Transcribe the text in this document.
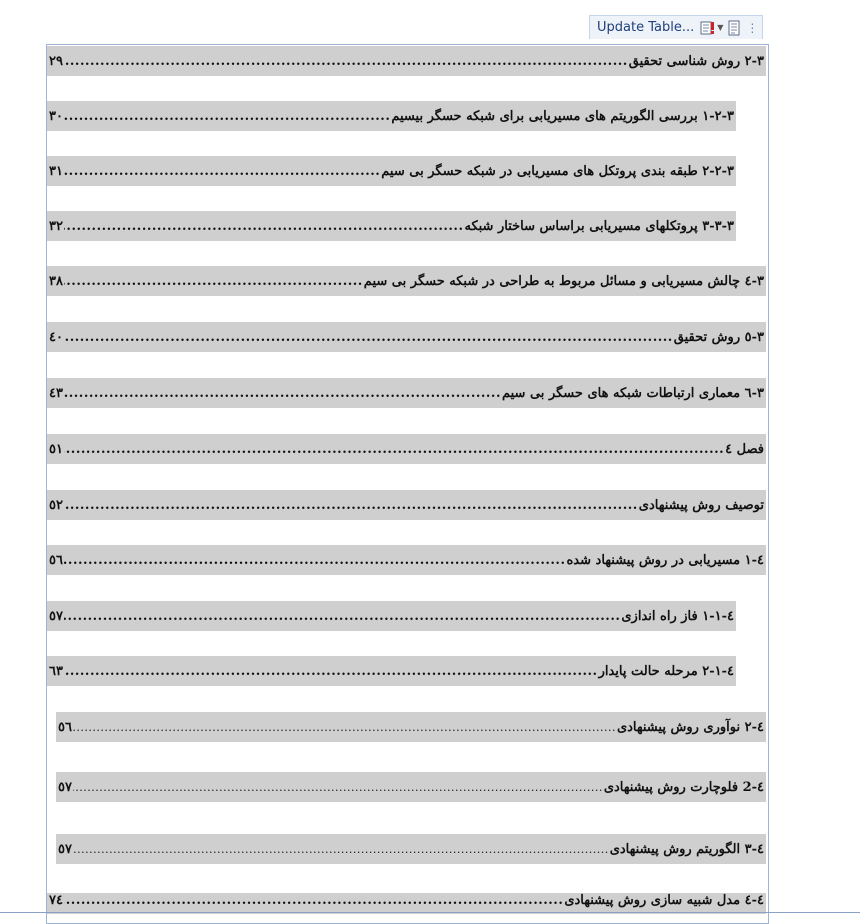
Update Table...	▼ ⋮
٣-٢ روش شناسی تحقیق
.....
٢٩
٣-٢-١ بررسی الگوریتم های مسیریابی برای شبکه حسگر بیسیم
.....
٣٠
٣-٢-٢ طبقه بندی پروتکل های مسیریابی در شبکه حسگر بی سیم
.....
٣١
٣-٣-٣ پروتکلهای مسیریابی براساس ساختار شبکه
.....
٣٢
٣-٤ چالش مسیریابی و مسائل مربوط به طراحی در شبکه حسگر بی سیم
.....
٣٨
٣-٥ روش تحقیق
.....
٤٠
٣-٦ معماری ارتباطات شبکه های حسگر بی سیم
.....
٤٣
فصل ٤
.....
٥١
توصیف روش پیشنهادی
.....
٥٢
٤-١ مسیریابی در روش پیشنهاد شده
.....
٥٦
٤-١-١ فاز راه اندازی
.....
٥٧
٤-١-٢ مرحله حالت پایدار
.....
٦٣
٤-٢ نوآوری روش پیشنهادی
.....
٥٦
٤-2 فلوچارت روش پیشنهادی
.....
٥٧
٤-٣ الگوریتم روش پیشنهادی
.....
٥٧
٤-٤ مدل شبیه سازی روش پیشنهادی
.....
٧٤
